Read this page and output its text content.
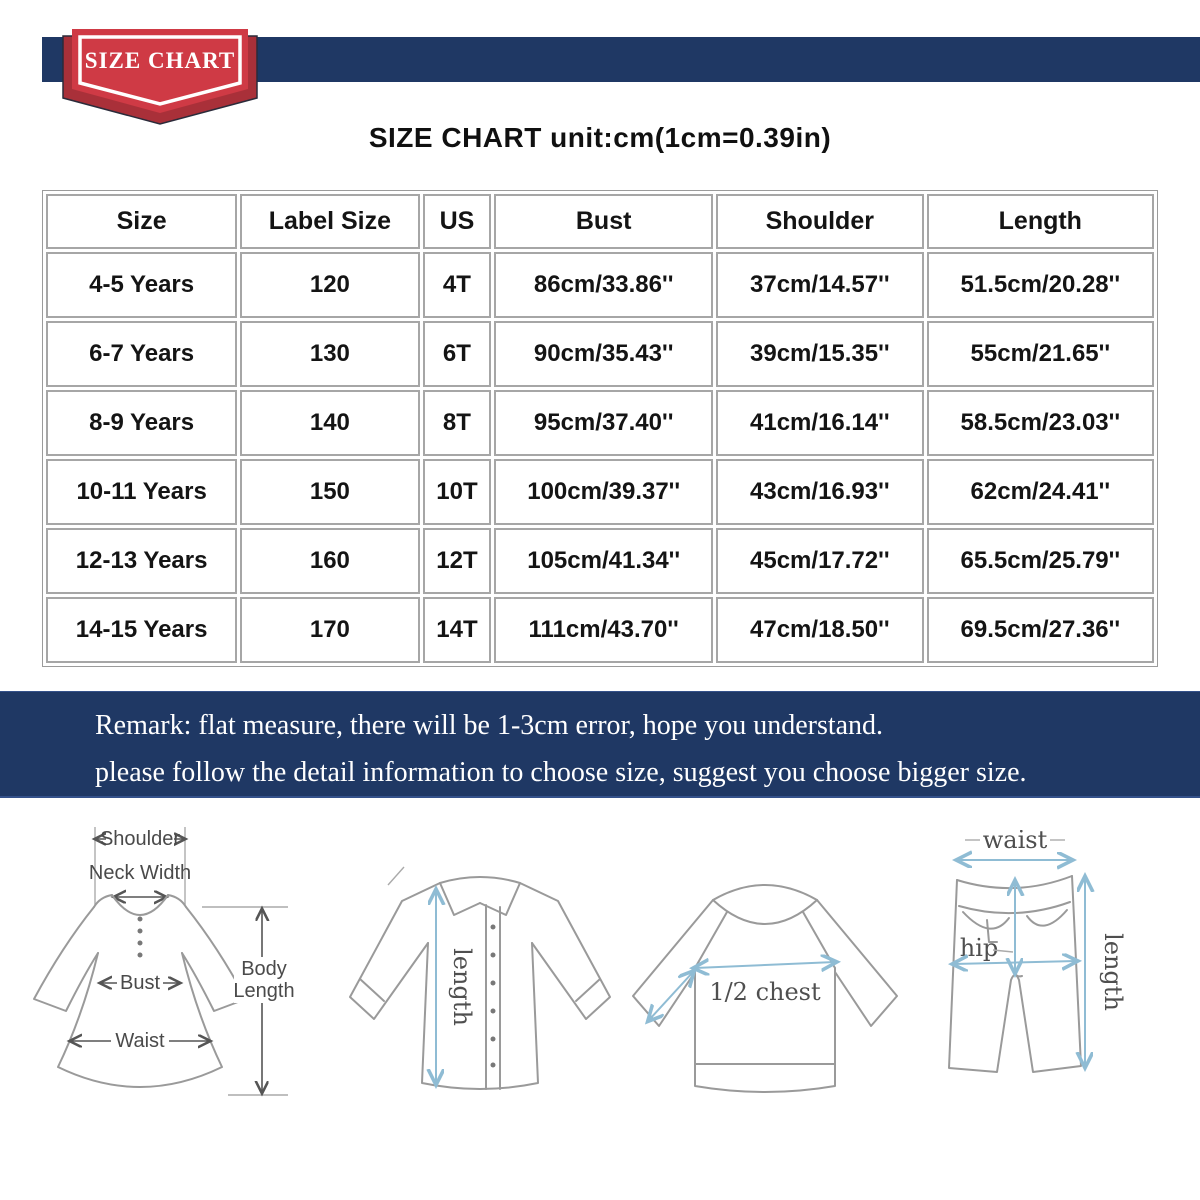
SIZE CHART
SIZE CHART unit:cm(1cm=0.39in)
Size	Label Size	US	Bust	Shoulder	Length
4-5 Years	120	4T	86cm/33.86''	37cm/14.57''	51.5cm/20.28''
6-7 Years	130	6T	90cm/35.43''	39cm/15.35''	55cm/21.65''
8-9 Years	140	8T	95cm/37.40''	41cm/16.14''	58.5cm/23.03''
10-11 Years	150	10T	100cm/39.37''	43cm/16.93''	62cm/24.41''
12-13 Years	160	12T	105cm/41.34''	45cm/17.72''	65.5cm/25.79''
14-15 Years	170	14T	111cm/43.70''	47cm/18.50''	69.5cm/27.36''

Remark: flat measure, there will be 1-3cm error, hope you understand.

please follow the detail information to choose size, suggest you choose bigger size.

Shoulder
Neck Width
Bust
Waist
Body
Length	length	1/2 chest
waist
hip	length
